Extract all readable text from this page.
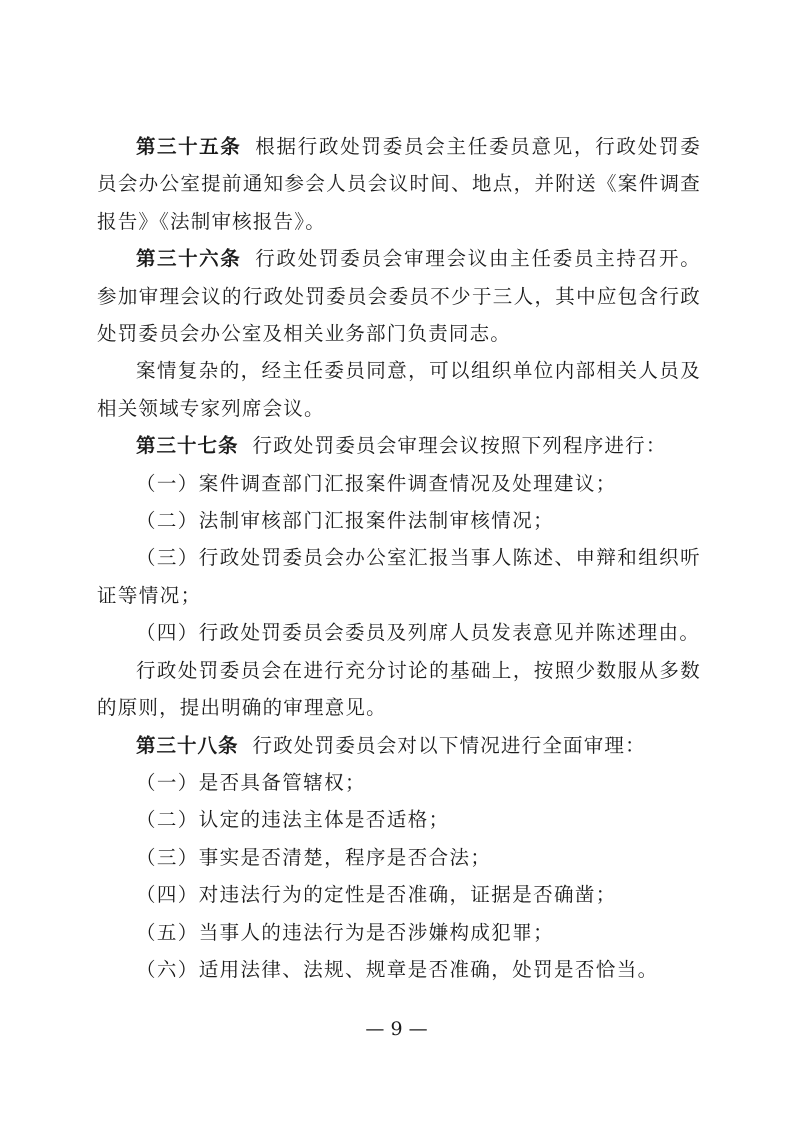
第三十五条 根据行政处罚委员会主任委员意见，行政处罚委员会办公室提前通知参会人员会议时间、地点，并附送《案件调查报告》《法制审核报告》。

第三十六条 行政处罚委员会审理会议由主任委员主持召开。参加审理会议的行政处罚委员会委员不少于三人，其中应包含行政处罚委员会办公室及相关业务部门负责同志。

案情复杂的，经主任委员同意，可以组织单位内部相关人员及相关领域专家列席会议。

第三十七条 行政处罚委员会审理会议按照下列程序进行：

（一）案件调查部门汇报案件调查情况及处理建议；

（二）法制审核部门汇报案件法制审核情况；

（三）行政处罚委员会办公室汇报当事人陈述、申辩和组织听证等情况；

（四）行政处罚委员会委员及列席人员发表意见并陈述理由。

行政处罚委员会在进行充分讨论的基础上，按照少数服从多数的原则，提出明确的审理意见。

第三十八条 行政处罚委员会对以下情况进行全面审理：

（一）是否具备管辖权；

（二）认定的违法主体是否适格；

（三）事实是否清楚，程序是否合法；

（四）对违法行为的定性是否准确，证据是否确凿；

（五）当事人的违法行为是否涉嫌构成犯罪；

（六）适用法律、法规、规章是否准确，处罚是否恰当。

— 9 —
